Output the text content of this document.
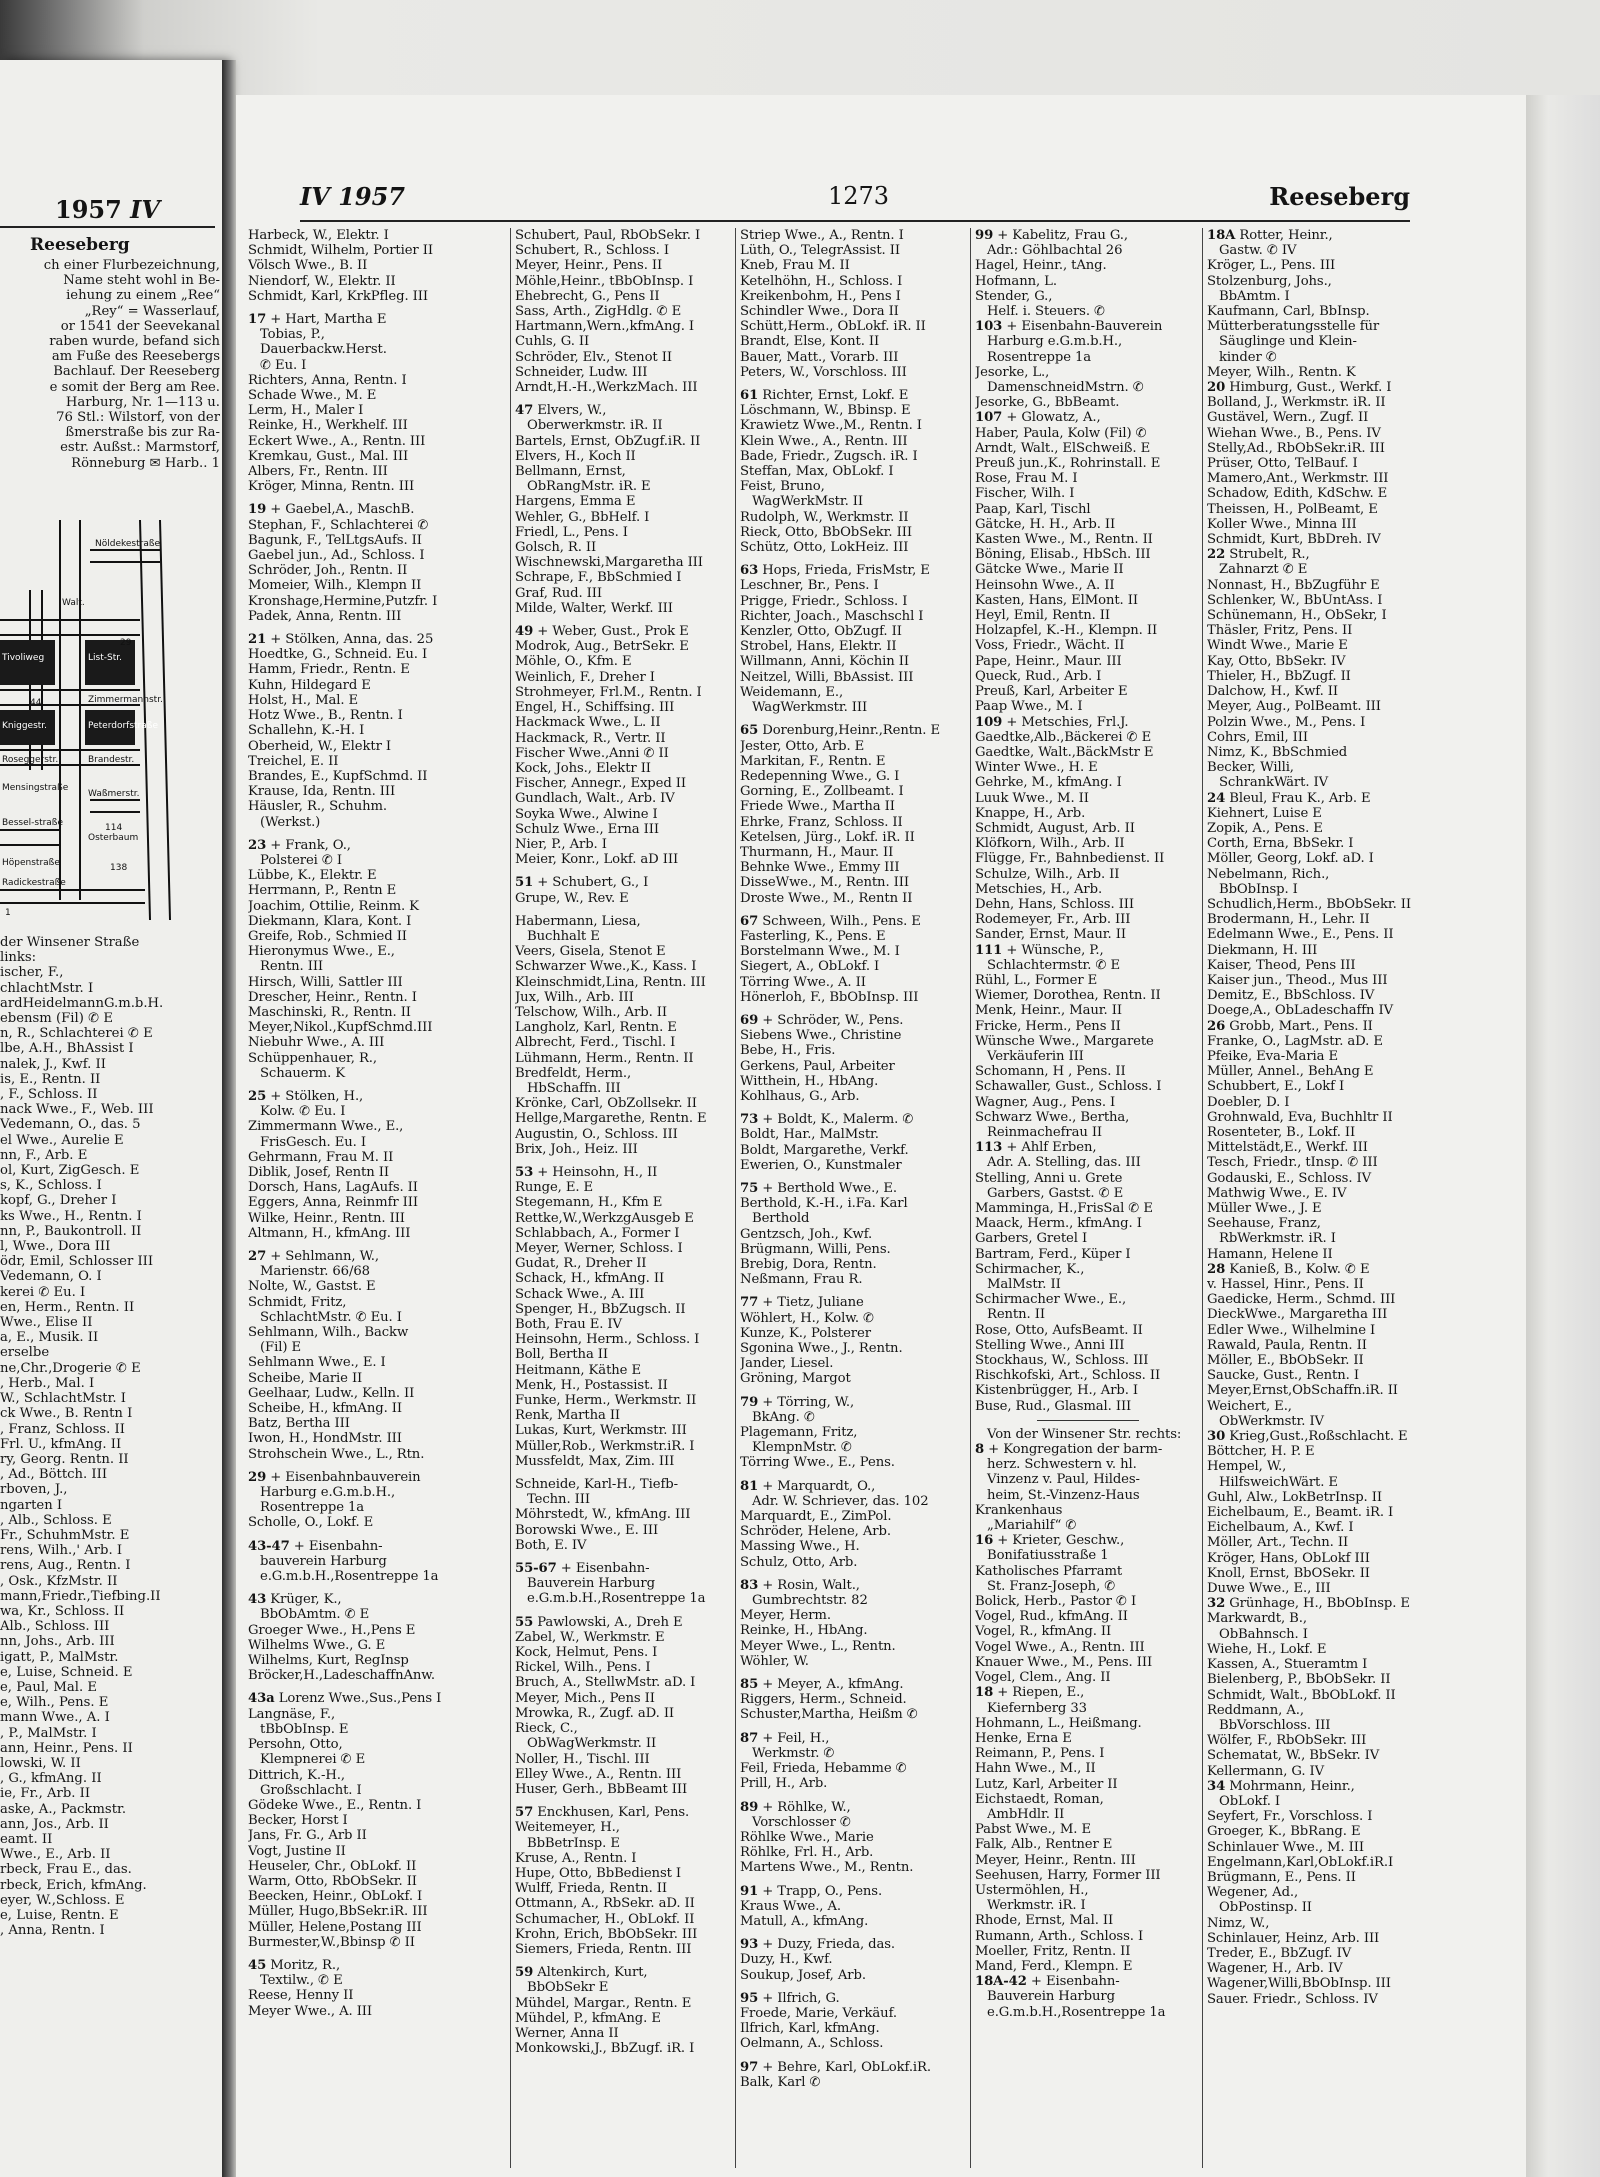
1957 IV
Reeseberg

ch einer Flurbezeichnung,

Name steht wohl in Be-

iehung zu einem „Ree“

„Rey“ = Wasserlauf,

or 1541 der Seevekanal

raben wurde, befand sich

am Fuße des Reesebergs

Bachlauf. Der Reeseberg

e somit der Berg am Ree.

Harburg, Nr. 1—113 u.

76 Stl.: Wilstorf, von der

ßmerstraße bis zur Ra-

estr. Außst.: Marmstorf,

Rönneburg ✉ Harb.. 1

Nöldekestraße
Walt.
Tivoliweg	List-Str.
Zimmermannstr.
Kniggestr.	Peterdorfstraße
Roseggerstr.	Brandestr.
Mensingstraße
Waßmerstr.
Bessel-straße
Osterbaum
Höpenstraße
Radickestraße
114
138
29
44
1

der Winsener Straße

links:

ischer, F.,

chlachtMstr. I

ardHeidelmannG.m.b.H.

ebensm (Fil) ✆ E

n, R., Schlachterei ✆ E

lbe, A.H., BhAssist I

nalek, J., Kwf. II

is, E., Rentn. II

, F., Schloss. II

nack Wwe., F., Web. III

Vedemann, O., das. 5

el Wwe., Aurelie E

nn, F., Arb. E

ol, Kurt, ZigGesch. E

s, K., Schloss. I

kopf, G., Dreher I

ks Wwe., H., Rentn. I

nn, P., Baukontroll. II

l, Wwe., Dora III

ödr, Emil, Schlosser III

Vedemann, O. I

kerei ✆ Eu. I

en, Herm., Rentn. II

Wwe., Elise II

a, E., Musik. II

erselbe

ne,Chr.,Drogerie ✆ E

, Herb., Mal. I

W., SchlachtMstr. I

ck Wwe., B. Rentn I

, Franz, Schloss. II

Frl. U., kfmAng. II

ry, Georg. Rentn. II

, Ad., Böttch. III

rboven, J.,

ngarten I

, Alb., Schloss. E

Fr., SchuhmMstr. E

rens, Wilh.,' Arb. I

rens, Aug., Rentn. I

, Osk., KfzMstr. II

mann,Friedr.,Tiefbing.II

wa, Kr., Schloss. II

Alb., Schloss. III

nn, Johs., Arb. III

igatt, P., MalMstr.

e, Luise, Schneid. E

e, Paul, Mal. E

e, Wilh., Pens. E

mann Wwe., A. I

, P., MalMstr. I

ann, Heinr., Pens. II

lowski, W. II

, G., kfmAng. II

ie, Fr., Arb. II

aske, A., Packmstr.

ann, Jos., Arb. II

eamt. II

Wwe., E., Arb. II

rbeck, Frau E., das.

rbeck, Erich, kfmAng.

eyer, W.,Schloss. E

e, Luise, Rentn. E

, Anna, Rentn. I

IV 1957	1273	Reeseberg

Harbeck, W., Elektr. I

Schmidt, Wilhelm, Portier II

Völsch Wwe., B. II

Niendorf, W., Elektr. II

Schmidt, Karl, KrkPfleg. III

17 + Hart, Martha E

Tobias, P.,

Dauerbackw.Herst.

✆ Eu. I

Richters, Anna, Rentn. I

Schade Wwe., M. E

Lerm, H., Maler I

Reinke, H., Werkhelf. III

Eckert Wwe., A., Rentn. III

Kremkau, Gust., Mal. III

Albers, Fr., Rentn. III

Kröger, Minna, Rentn. III

19 + Gaebel,A., MaschB.

Stephan, F., Schlachterei ✆

Bagunk, F., TelLtgsAufs. II

Gaebel jun., Ad., Schloss. I

Schröder, Joh., Rentn. II

Momeier, Wilh., Klempn II

Kronshage,Hermine,Putzfr. I

Padek, Anna, Rentn. III

21 + Stölken, Anna, das. 25

Hoedtke, G., Schneid. Eu. I

Hamm, Friedr., Rentn. E

Kuhn, Hildegard E

Holst, H., Mal. E

Hotz Wwe., B., Rentn. I

Schallehn, K.-H. I

Oberheid, W., Elektr I

Treichel, E. II

Brandes, E., KupfSchmd. II

Krause, Ida, Rentn. III

Häusler, R., Schuhm.

(Werkst.)

23 + Frank, O.,

Polsterei ✆ I

Lübbe, K., Elektr. E

Herrmann, P., Rentn E

Joachim, Ottilie, Reinm. K

Diekmann, Klara, Kont. I

Greife, Rob., Schmied II

Hieronymus Wwe., E.,

Rentn. III

Hirsch, Willi, Sattler III

Drescher, Heinr., Rentn. I

Maschinski, R., Rentn. II

Meyer,Nikol.,KupfSchmd.III

Niebuhr Wwe., A. III

Schüppenhauer, R.,

Schauerm. K

25 + Stölken, H.,

Kolw. ✆ Eu. I

Zimmermann Wwe., E.,

FrisGesch. Eu. I

Gehrmann, Frau M. II

Diblik, Josef, Rentn II

Dorsch, Hans, LagAufs. II

Eggers, Anna, Reinmfr III

Wilke, Heinr., Rentn. III

Altmann, H., kfmAng. III

27 + Sehlmann, W.,

Marienstr. 66/68

Nolte, W., Gastst. E

Schmidt, Fritz,

SchlachtMstr. ✆ Eu. I

Sehlmann, Wilh., Backw

(Fil) E

Sehlmann Wwe., E. I

Scheibe, Marie II

Geelhaar, Ludw., Kelln. II

Scheibe, H., kfmAng. II

Batz, Bertha III

Iwon, H., HondMstr. III

Strohschein Wwe., L., Rtn.

29 + Eisenbahnbauverein

Harburg e.G.m.b.H.,

Rosentreppe 1a

Scholle, O., Lokf. E

43-47 + Eisenbahn-

bauverein Harburg

e.G.m.b.H.,Rosentreppe 1a

43 Krüger, K.,

BbObAmtm. ✆ E

Groeger Wwe., H.,Pens E

Wilhelms Wwe., G. E

Wilhelms, Kurt, RegInsp

Bröcker,H.,LadeschaffnAnw.

43a Lorenz Wwe.,Sus.,Pens I

Langnäse, F.,

tBbObInsp. E

Persohn, Otto,

Klempnerei ✆ E

Dittrich, K.-H.,

Großschlacht. I

Gödeke Wwe., E., Rentn. I

Becker, Horst I

Jans, Fr. G., Arb II

Vogt, Justine II

Heuseler, Chr., ObLokf. II

Warm, Otto, RbObSekr. II

Beecken, Heinr., ObLokf. I

Müller, Hugo,BbSekr.iR. III

Müller, Helene,Postang III

Burmester,W.,Bbinsp ✆ II

45 Moritz, R.,

Textilw., ✆ E

Reese, Henny II

Meyer Wwe., A. III

Schubert, Paul, RbObSekr. I

Schubert, R., Schloss. I

Meyer, Heinr., Pens. II

Möhle,Heinr., tBbObInsp. I

Ehebrecht, G., Pens II

Sass, Arth., ZigHdlg. ✆ E

Hartmann,Wern.,kfmAng. I

Cuhls, G. II

Schröder, Elv., Stenot II

Schneider, Ludw. III

Arndt,H.-H.,WerkzMach. III

47 Elvers, W.,

Oberwerkmstr. iR. II

Bartels, Ernst, ObZugf.iR. II

Elvers, H., Koch II

Bellmann, Ernst,

ObRangMstr. iR. E

Hargens, Emma E

Wehler, G., BbHelf. I

Friedl, L., Pens. I

Golsch, R. II

Wischnewski,Margaretha III

Schrape, F., BbSchmied I

Graf, Rud. III

Milde, Walter, Werkf. III

49 + Weber, Gust., Prok E

Modrok, Aug., BetrSekr. E

Möhle, O., Kfm. E

Weinlich, F., Dreher I

Strohmeyer, Frl.M., Rentn. I

Engel, H., Schiffsing. III

Hackmack Wwe., L. II

Hackmack, R., Vertr. II

Fischer Wwe.,Anni ✆ II

Kock, Johs., Elektr II

Fischer, Annegr., Exped II

Gundlach, Walt., Arb. IV

Soyka Wwe., Alwine I

Schulz Wwe., Erna III

Nier, P., Arb. I

Meier, Konr., Lokf. aD III

51 + Schubert, G., I

Grupe, W., Rev. E

Habermann, Liesa,

Buchhalt E

Veers, Gisela, Stenot E

Schwarzer Wwe.,K., Kass. I

Kleinschmidt,Lina, Rentn. III

Jux, Wilh., Arb. III

Telschow, Wilh., Arb. II

Langholz, Karl, Rentn. E

Albrecht, Ferd., Tischl. I

Lühmann, Herm., Rentn. II

Bredfeldt, Herm.,

HbSchaffn. III

Krönke, Carl, ObZollsekr. II

Hellge,Margarethe, Rentn. E

Augustin, O., Schloss. III

Brix, Joh., Heiz. III

53 + Heinsohn, H., II

Runge, E. E

Stegemann, H., Kfm E

Rettke,W.,WerkzgAusgeb E

Schlabbach, A., Former I

Meyer, Werner, Schloss. I

Gudat, R., Dreher II

Schack, H., kfmAng. II

Schack Wwe., A. III

Spenger, H., BbZugsch. II

Both, Frau E. IV

Heinsohn, Herm., Schloss. I

Boll, Bertha II

Heitmann, Käthe E

Menk, H., Postassist. II

Funke, Herm., Werkmstr. II

Renk, Martha II

Lukas, Kurt, Werkmstr. III

Müller,Rob., Werkmstr.iR. I

Mussfeldt, Max, Zim. III

Schneide, Karl-H., Tiefb-

Techn. III

Möhrstedt, W., kfmAng. III

Borowski Wwe., E. III

Both, E. IV

55-67 + Eisenbahn-

Bauverein Harburg

e.G.m.b.H.,Rosentreppe 1a

55 Pawlowski, A., Dreh E

Zabel, W., Werkmstr. E

Kock, Helmut, Pens. I

Rickel, Wilh., Pens. I

Bruch, A., StellwMstr. aD. I

Meyer, Mich., Pens II

Mrowka, R., Zugf. aD. II

Rieck, C.,

ObWagWerkmstr. II

Noller, H., Tischl. III

Elley Wwe., A., Rentn. III

Huser, Gerh., BbBeamt III

57 Enckhusen, Karl, Pens.

Weitemeyer, H.,

BbBetrInsp. E

Kruse, A., Rentn. I

Hupe, Otto, BbBedienst I

Wulff, Frieda, Rentn. II

Ottmann, A., RbSekr. aD. II

Schumacher, H., ObLokf. II

Krohn, Erich, BbObSekr. III

Siemers, Frieda, Rentn. III

59 Altenkirch, Kurt,

BbObSekr E

Mühdel, Margar., Rentn. E

Mühdel, P., kfmAng. E

Werner, Anna II

Monkowski,J., BbZugf. iR. I

Striep Wwe., A., Rentn. I

Lüth, O., TelegrAssist. II

Kneb, Frau M. II

Ketelhöhn, H., Schloss. I

Kreikenbohm, H., Pens I

Schindler Wwe., Dora II

Schütt,Herm., ObLokf. iR. II

Brandt, Else, Kont. II

Bauer, Matt., Vorarb. III

Peters, W., Vorschloss. III

61 Richter, Ernst, Lokf. E

Löschmann, W., Bbinsp. E

Krawietz Wwe.,M., Rentn. I

Klein Wwe., A., Rentn. III

Bade, Friedr., Zugsch. iR. I

Steffan, Max, ObLokf. I

Feist, Bruno,

WagWerkMstr. II

Rudolph, W., Werkmstr. II

Rieck, Otto, BbObSekr. III

Schütz, Otto, LokHeiz. III

63 Hops, Frieda, FrisMstr, E

Leschner, Br., Pens. I

Prigge, Friedr., Schloss. I

Richter, Joach., Maschschl I

Kenzler, Otto, ObZugf. II

Strobel, Hans, Elektr. II

Willmann, Anni, Köchin II

Neitzel, Willi, BbAssist. III

Weidemann, E.,

WagWerkmstr. III

65 Dorenburg,Heinr.,Rentn. E

Jester, Otto, Arb. E

Markitan, F., Rentn. E

Redepenning Wwe., G. I

Gorning, E., Zollbeamt. I

Friede Wwe., Martha II

Ehrke, Franz, Schloss. II

Ketelsen, Jürg., Lokf. iR. II

Thurmann, H., Maur. II

Behnke Wwe., Emmy III

DisseWwe., M., Rentn. III

Droste Wwe., M., Rentn II

67 Schween, Wilh., Pens. E

Fasterling, K., Pens. E

Borstelmann Wwe., M. I

Siegert, A., ObLokf. I

Törring Wwe., A. II

Hönerloh, F., BbObInsp. III

69 + Schröder, W., Pens.

Siebens Wwe., Christine

Bebe, H., Fris.

Gerkens, Paul, Arbeiter

Witthein, H., HbAng.

Kohlhaus, G., Arb.

73 + Boldt, K., Malerm. ✆

Boldt, Har., MalMstr.

Boldt, Margarethe, Verkf.

Ewerien, O., Kunstmaler

75 + Berthold Wwe., E.

Berthold, K.-H., i.Fa. Karl

Berthold

Gentzsch, Joh., Kwf.

Brügmann, Willi, Pens.

Brebig, Dora, Rentn.

Neßmann, Frau R.

77 + Tietz, Juliane

Wöhlert, H., Kolw. ✆

Kunze, K., Polsterer

Sgonina Wwe., J., Rentn.

Jander, Liesel.

Gröning, Margot

79 + Törring, W.,

BkAng. ✆

Plagemann, Fritz,

KlempnMstr. ✆

Törring Wwe., E., Pens.

81 + Marquardt, O.,

Adr. W. Schriever, das. 102

Marquardt, E., ZimPol.

Schröder, Helene, Arb.

Massing Wwe., H.

Schulz, Otto, Arb.

83 + Rosin, Walt.,

Gumbrechtstr. 82

Meyer, Herm.

Reinke, H., HbAng.

Meyer Wwe., L., Rentn.

Wöhler, W.

85 + Meyer, A., kfmAng.

Riggers, Herm., Schneid.

Schuster,Martha, Heißm ✆

87 + Feil, H.,

Werkmstr. ✆

Feil, Frieda, Hebamme ✆

Prill, H., Arb.

89 + Röhlke, W.,

Vorschlosser ✆

Röhlke Wwe., Marie

Röhlke, Frl. H., Arb.

Martens Wwe., M., Rentn.

91 + Trapp, O., Pens.

Kraus Wwe., A.

Matull, A., kfmAng.

93 + Duzy, Frieda, das.

Duzy, H., Kwf.

Soukup, Josef, Arb.

95 + Ilfrich, G.

Froede, Marie, Verkäuf.

Ilfrich, Karl, kfmAng.

Oelmann, A., Schloss.

97 + Behre, Karl, ObLokf.iR.

Balk, Karl ✆

99 + Kabelitz, Frau G.,

Adr.: Göhlbachtal 26

Hagel, Heinr., tAng.

Hofmann, L.

Stender, G.,

Helf. i. Steuers. ✆

103 + Eisenbahn-Bauverein

Harburg e.G.m.b.H.,

Rosentreppe 1a

Jesorke, L.,

DamenschneidMstrn. ✆

Jesorke, G., BbBeamt.

107 + Glowatz, A.,

Haber, Paula, Kolw (Fil) ✆

Arndt, Walt., ElSchweiß. E

Preuß jun.,K., Rohrinstall. E

Rose, Frau M. I

Fischer, Wilh. I

Paap, Karl, Tischl

Gätcke, H. H., Arb. II

Kasten Wwe., M., Rentn. II

Böning, Elisab., HbSch. III

Gätcke Wwe., Marie II

Heinsohn Wwe., A. II

Kasten, Hans, ElMont. II

Heyl, Emil, Rentn. II

Holzapfel, K.-H., Klempn. II

Voss, Friedr., Wächt. II

Pape, Heinr., Maur. III

Queck, Rud., Arb. I

Preuß, Karl, Arbeiter E

Paap Wwe., M. I

109 + Metschies, Frl.J.

Gaedtke,Alb.,Bäckerei ✆ E

Gaedtke, Walt.,BäckMstr E

Winter Wwe., H. E

Gehrke, M., kfmAng. I

Luuk Wwe., M. II

Knappe, H., Arb.

Schmidt, August, Arb. II

Klöfkorn, Wilh., Arb. II

Flügge, Fr., Bahnbedienst. II

Schulze, Wilh., Arb. II

Metschies, H., Arb.

Dehn, Hans, Schloss. III

Rodemeyer, Fr., Arb. III

Sander, Ernst, Maur. II

111 + Wünsche, P.,

Schlachtermstr. ✆ E

Rühl, L., Former E

Wiemer, Dorothea, Rentn. II

Menk, Heinr., Maur. II

Fricke, Herm., Pens II

Wünsche Wwe., Margarete

Verkäuferin III

Schomann, H , Pens. II

Schawaller, Gust., Schloss. I

Wagner, Aug., Pens. I

Schwarz Wwe., Bertha,

Reinmachefrau II

113 + Ahlf Erben,

Adr. A. Stelling, das. III

Stelling, Anni u. Grete

Garbers, Gastst. ✆ E

Mamminga, H.,FrisSal ✆ E

Maack, Herm., kfmAng. I

Garbers, Gretel I

Bartram, Ferd., Küper I

Schirmacher, K.,

MalMstr. II

Schirmacher Wwe., E.,

Rentn. II

Rose, Otto, AufsBeamt. II

Stelling Wwe., Anni III

Stockhaus, W., Schloss. III

Rischkofski, Art., Schloss. II

Kistenbrügger, H., Arb. I

Buse, Rud., Glasmal. III

Von der Winsener Str. rechts:

8 + Kongregation der barm-

herz. Schwestern v. hl.

Vinzenz v. Paul, Hildes-

heim, St.-Vinzenz-Haus

Krankenhaus

„Mariahilf“ ✆

16 + Krieter, Geschw.,

Bonifatiusstraße 1

Katholisches Pfarramt

St. Franz-Joseph, ✆

Bolick, Herb., Pastor ✆ I

Vogel, Rud., kfmAng. II

Vogel, R., kfmAng. II

Vogel Wwe., A., Rentn. III

Knauer Wwe., M., Pens. III

Vogel, Clem., Ang. II

18 + Riepen, E.,

Kiefernberg 33

Hohmann, L., Heißmang.

Henke, Erna E

Reimann, P., Pens. I

Hahn Wwe., M., II

Lutz, Karl, Arbeiter II

Eichstaedt, Roman,

AmbHdlr. II

Pabst Wwe., M. E

Falk, Alb., Rentner E

Meyer, Heinr., Rentn. III

Seehusen, Harry, Former III

Ustermöhlen, H.,

Werkmstr. iR. I

Rhode, Ernst, Mal. II

Rumann, Arth., Schloss. I

Moeller, Fritz, Rentn. II

Mand, Ferd., Klempn. E

18A-42 + Eisenbahn-

Bauverein Harburg

e.G.m.b.H.,Rosentreppe 1a

18A Rotter, Heinr.,

Gastw. ✆ IV

Kröger, L., Pens. III

Stolzenburg, Johs.,

BbAmtm. I

Kaufmann, Carl, BbInsp.

Mütterberatungsstelle für

Säuglinge und Klein-

kinder ✆

Meyer, Wilh., Rentn. K

20 Himburg, Gust., Werkf. I

Bolland, J., Werkmstr. iR. II

Gustävel, Wern., Zugf. II

Wiehan Wwe., B., Pens. IV

Stelly,Ad., RbObSekr.iR. III

Prüser, Otto, TelBauf. I

Mamero,Ant., Werkmstr. III

Schadow, Edith, KdSchw. E

Theissen, H., PolBeamt, E

Koller Wwe., Minna III

Schmidt, Kurt, BbDreh. IV

22 Strubelt, R.,

Zahnarzt ✆ E

Nonnast, H., BbZugführ E

Schlenker, W., BbUntAss. I

Schünemann, H., ObSekr, I

Thäsler, Fritz, Pens. II

Windt Wwe., Marie E

Kay, Otto, BbSekr. IV

Thieler, H., BbZugf. II

Dalchow, H., Kwf. II

Meyer, Aug., PolBeamt. III

Polzin Wwe., M., Pens. I

Cohrs, Emil, III

Nimz, K., BbSchmied

Becker, Willi,

SchrankWärt. IV

24 Bleul, Frau K., Arb. E

Kiehnert, Luise E

Zopik, A., Pens. E

Corth, Erna, BbSekr. I

Möller, Georg, Lokf. aD. I

Nebelmann, Rich.,

BbObInsp. I

Schudlich,Herm., BbObSekr. II

Brodermann, H., Lehr. II

Edelmann Wwe., E., Pens. II

Diekmann, H. III

Kaiser, Theod, Pens III

Kaiser jun., Theod., Mus III

Demitz, E., BbSchloss. IV

Doege,A., ObLadeschaffn IV

26 Grobb, Mart., Pens. II

Franke, O., LagMstr. aD. E

Pfeike, Eva-Maria E

Müller, Annel., BehAng E

Schubbert, E., Lokf I

Doebler, D. I

Grohnwald, Eva, Buchhltr II

Rosenteter, B., Lokf. II

Mittelstädt,E., Werkf. III

Tesch, Friedr., tInsp. ✆ III

Godauski, E., Schloss. IV

Mathwig Wwe., E. IV

Müller Wwe., J. E

Seehause, Franz,

RbWerkmstr. iR. I

Hamann, Helene II

28 Kanieß, B., Kolw. ✆ E

v. Hassel, Hinr., Pens. II

Gaedicke, Herm., Schmd. III

DieckWwe., Margaretha III

Edler Wwe., Wilhelmine I

Rawald, Paula, Rentn. II

Möller, E., BbObSekr. II

Saucke, Gust., Rentn. I

Meyer,Ernst,ObSchaffn.iR. II

Weichert, E.,

ObWerkmstr. IV

30 Krieg,Gust.,Roßschlacht. E

Böttcher, H. P. E

Hempel, W.,

HilfsweichWärt. E

Guhl, Alw., LokBetrInsp. II

Eichelbaum, E., Beamt. iR. I

Eichelbaum, A., Kwf. I

Möller, Art., Techn. II

Kröger, Hans, ObLokf III

Knoll, Ernst, BbOSekr. II

Duwe Wwe., E., III

32 Grünhage, H., BbObInsp. E

Markwardt, B.,

ObBahnsch. I

Wiehe, H., Lokf. E

Kassen, A., Stueramtm I

Bielenberg, P., BbObSekr. II

Schmidt, Walt., BbObLokf. II

Reddmann, A.,

BbVorschloss. III

Wölfer, F., RbObSekr. III

Schematat, W., BbSekr. IV

Kellermann, G. IV

34 Mohrmann, Heinr.,

ObLokf. I

Seyfert, Fr., Vorschloss. I

Groeger, K., BbRang. E

Schinlauer Wwe., M. III

Engelmann,Karl,ObLokf.iR.I

Brügmann, E., Pens. II

Wegener, Ad.,

ObPostinsp. II

Nimz, W.,

Schinlauer, Heinz, Arb. III

Treder, E., BbZugf. IV

Wagener, H., Arb. IV

Wagener,Willi,BbObInsp. III

Sauer. Friedr., Schloss. IV
